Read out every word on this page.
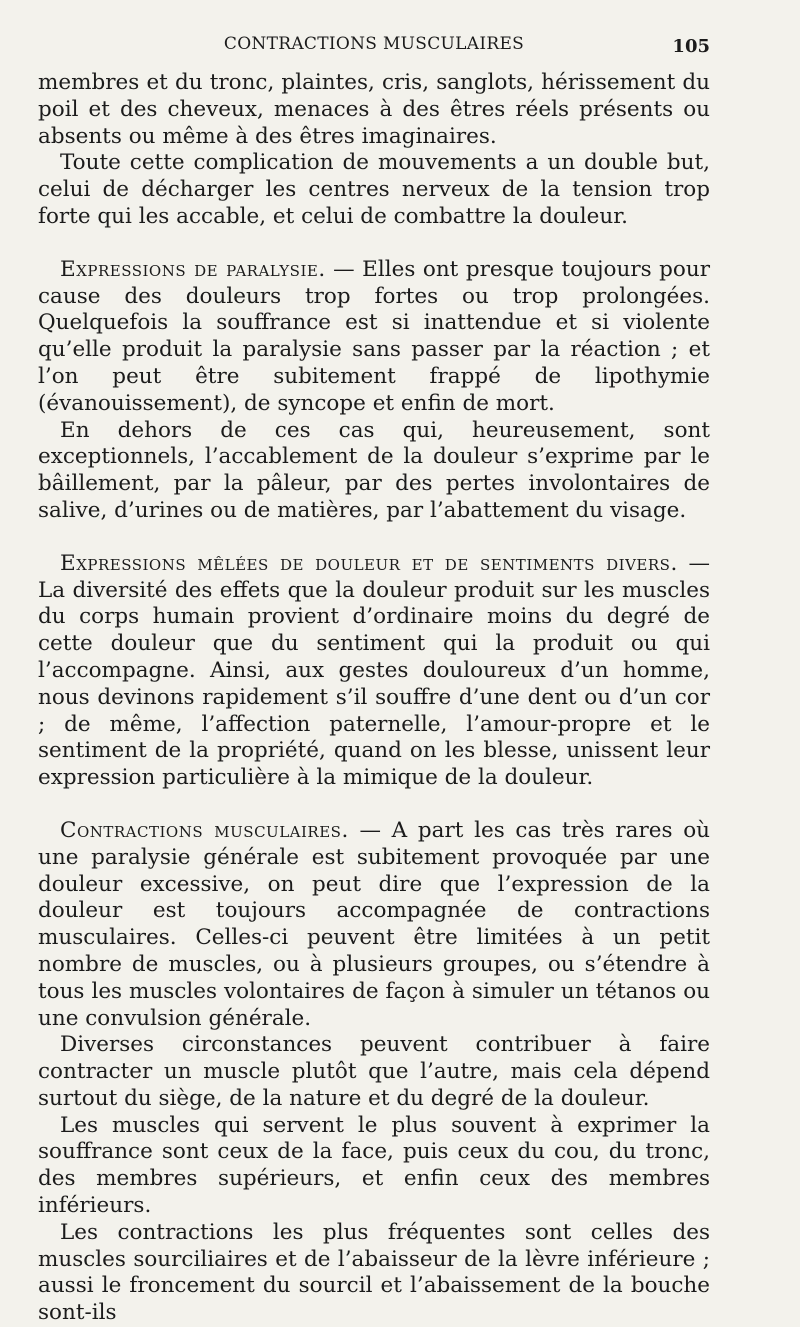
CONTRACTIONS MUSCULAIRES	105

membres et du tronc, plaintes, cris, sanglots, hérissement du poil et des cheveux, menaces à des êtres réels présents ou absents ou même à des êtres imaginaires.

Toute cette complication de mouvements a un double but, celui de décharger les centres nerveux de la tension trop forte qui les accable, et celui de combattre la douleur.

Expressions de paralysie. — Elles ont presque toujours pour cause des douleurs trop fortes ou trop prolongées. Quelquefois la souffrance est si inattendue et si violente qu’elle produit la paralysie sans passer par la réaction ; et l’on peut être subitement frappé de lipothymie (évanouissement), de syncope et enfin de mort.

En dehors de ces cas qui, heureusement, sont exceptionnels, l’accablement de la douleur s’exprime par le bâillement, par la pâleur, par des pertes involontaires de salive, d’urines ou de matières, par l’abattement du visage.

Expressions mêlées de douleur et de sentiments divers. — La diversité des effets que la douleur produit sur les muscles du corps humain provient d’ordinaire moins du degré de cette douleur que du sentiment qui la produit ou qui l’accompagne. Ainsi, aux gestes douloureux d’un homme, nous devinons rapidement s’il souffre d’une dent ou d’un cor ; de même, l’affection paternelle, l’amour-propre et le sentiment de la propriété, quand on les blesse, unissent leur expression particulière à la mimique de la douleur.

Contractions musculaires. — A part les cas très rares où une paralysie générale est subitement provoquée par une douleur excessive, on peut dire que l’expression de la douleur est toujours accompagnée de contractions musculaires. Celles-ci peuvent être limitées à un petit nombre de muscles, ou à plusieurs groupes, ou s’étendre à tous les muscles volontaires de façon à simuler un tétanos ou une convulsion générale.

Diverses circonstances peuvent contribuer à faire contracter un muscle plutôt que l’autre, mais cela dépend surtout du siège, de la nature et du degré de la douleur.

Les muscles qui servent le plus souvent à exprimer la souffrance sont ceux de la face, puis ceux du cou, du tronc, des membres supérieurs, et enfin ceux des membres inférieurs.

Les contractions les plus fréquentes sont celles des muscles sourciliaires et de l’abaisseur de la lèvre inférieure ; aussi le froncement du sourcil et l’abaissement de la bouche sont-ils
